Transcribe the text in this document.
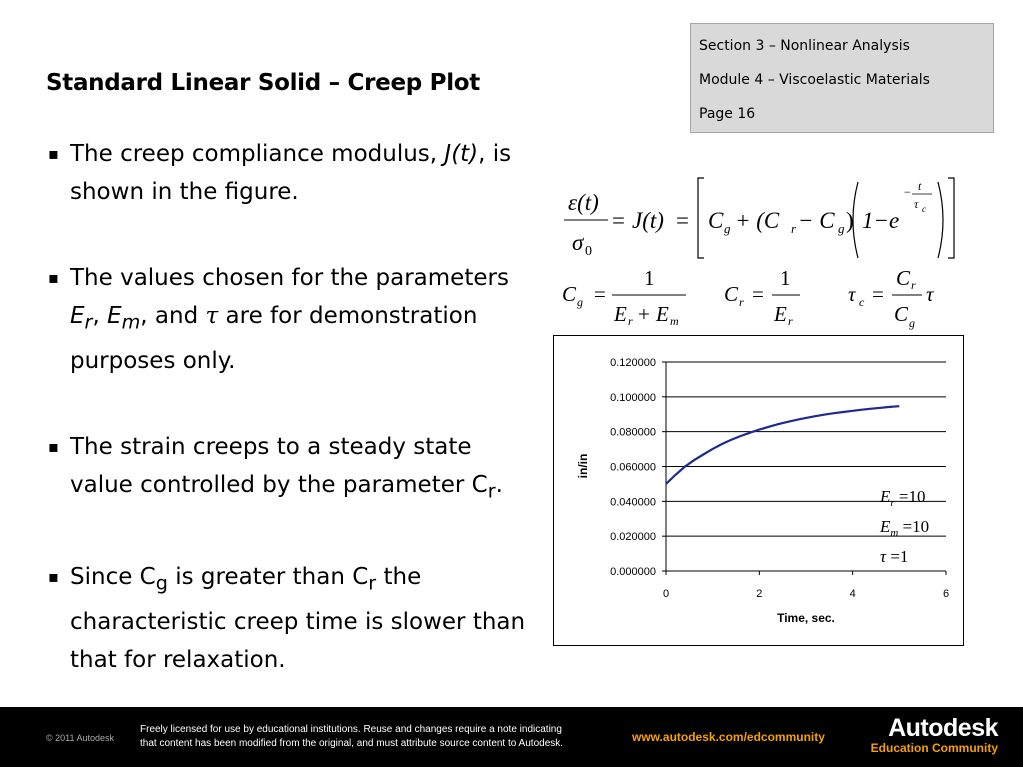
Section 3 – Nonlinear Analysis
Module 4 – Viscoelastic Materials
Page 16
Standard Linear Solid – Creep Plot
▪ The creep compliance modulus, J(t), is shown in the figure.
▪ The values chosen for the parameters $E_r$, $E_m$, and τ are for demonstration purposes only.
▪ The strain creeps to a steady state value controlled by the parameter $C_r$.
▪ Since $C_g$ is greater than $C_r$ the characteristic creep time is slower than that for relaxation.
ε(t)
σ 0
= J(t) = C g + (C r − C g ) 1−e
− t
τ c
C g =
1
E r + E m
C r =
1
E r
τ c =
C r
C g
τ
0.000000
0.020000
0.040000
0.060000
0.080000
0.100000
0.120000
0	2	4	6
Time, sec.
in/in
$E_r =10$
$E_m =10$
τ =1
© 2011 Autodesk
Freely licensed for use by educational institutions. Reuse and changes require a note indicating
that content has been modified from the original, and must attribute source content to Autodesk.	www.autodesk.com/edcommunity	Autodesk
Education Community
